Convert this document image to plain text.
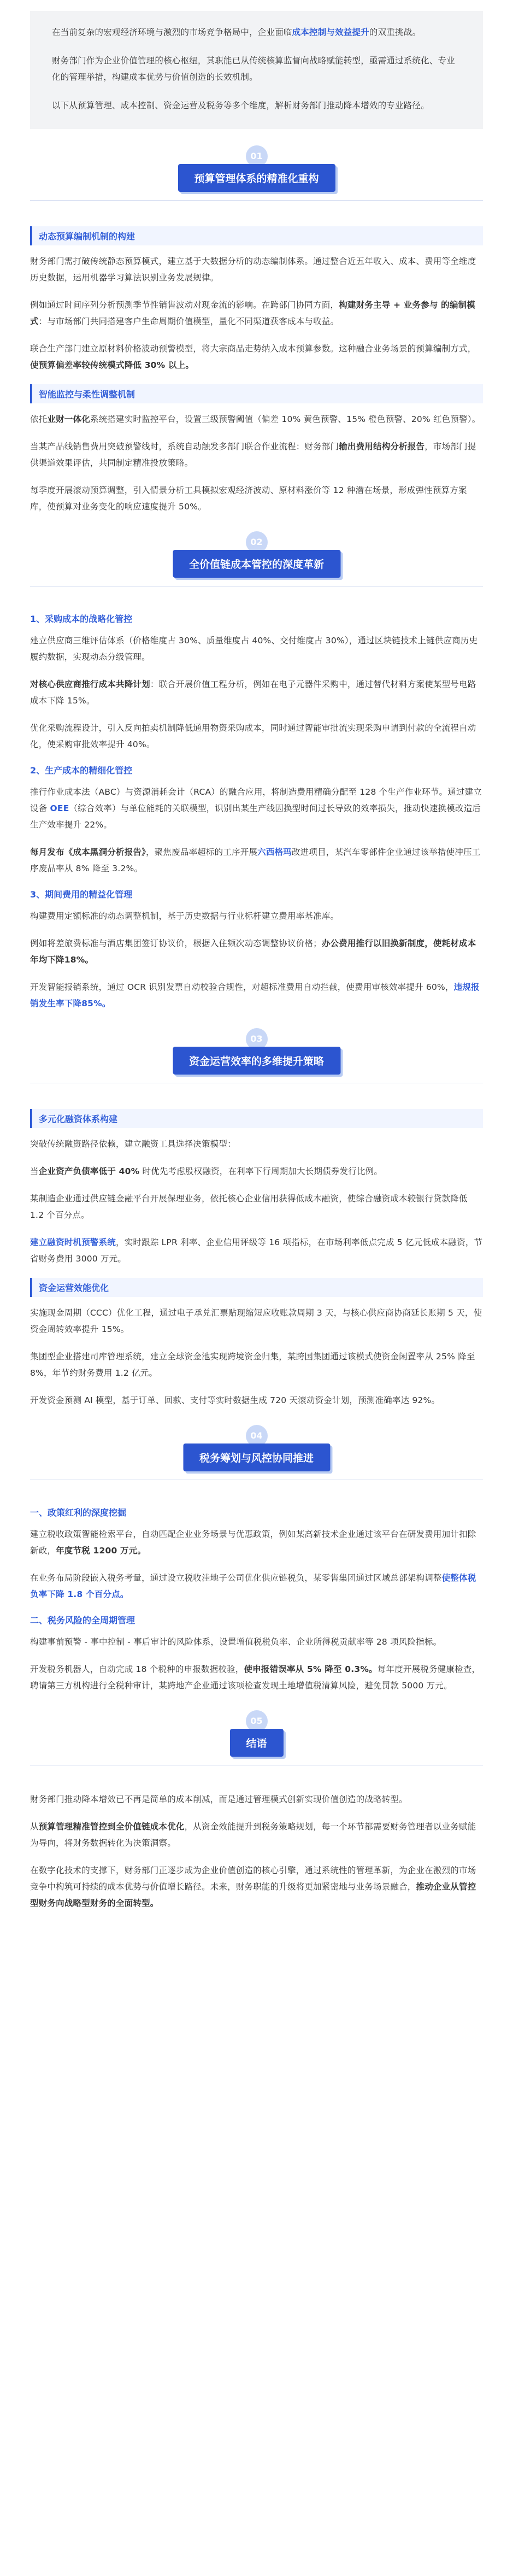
在当前复杂的宏观经济环境与激烈的市场竞争格局中，企业面临成本控制与效益提升的双重挑战。

财务部门作为企业价值管理的核心枢纽，其职能已从传统核算监督向战略赋能转型，亟需通过系统化、专业化的管理举措，构建成本优势与价值创造的长效机制。

以下从预算管理、成本控制、资金运营及税务等多个维度，解析财务部门推动降本增效的专业路径。

01
预算管理体系的精准化重构
动态预算编制机制的构建

财务部门需打破传统静态预算模式，建立基于大数据分析的动态编制体系。通过整合近五年收入、成本、费用等全维度历史数据，运用机器学习算法识别业务发展规律。

例如通过时间序列分析预测季节性销售波动对现金流的影响。在跨部门协同方面，构建财务主导 + 业务参与 的编制模式：与市场部门共同搭建客户生命周期价值模型，量化不同渠道获客成本与收益。

联合生产部门建立原材料价格波动预警模型，将大宗商品走势纳入成本预算参数。这种融合业务场景的预算编制方式，使预算偏差率较传统模式降低 30% 以上。

智能监控与柔性调整机制

依托业财一体化系统搭建实时监控平台，设置三级预警阈值（偏差 10% 黄色预警、15% 橙色预警、20% 红色预警）。

当某产品线销售费用突破预警线时，系统自动触发多部门联合作业流程：财务部门输出费用结构分析报告，市场部门提供渠道效果评估，共同制定精准投放策略。

每季度开展滚动预算调整，引入情景分析工具模拟宏观经济波动、原材料涨价等 12 种潜在场景，形成弹性预算方案库，使预算对业务变化的响应速度提升 50%。

02
全价值链成本管控的深度革新
1、采购成本的战略化管控

建立供应商三维评估体系（价格维度占 30%、质量维度占 40%、交付维度占 30%），通过区块链技术上链供应商历史履约数据，实现动态分级管理。

对核心供应商推行成本共降计划：联合开展价值工程分析，例如在电子元器件采购中，通过替代材料方案使某型号电路成本下降 15%。

优化采购流程设计，引入反向拍卖机制降低通用物资采购成本，同时通过智能审批流实现采购申请到付款的全流程自动化，使采购审批效率提升 40%。

2、生产成本的精细化管控

推行作业成本法（ABC）与资源消耗会计（RCA）的融合应用，将制造费用精确分配至 128 个生产作业环节。通过建立设备 OEE（综合效率）与单位能耗的关联模型，识别出某生产线因换型时间过长导致的效率损失，推动快速换模改造后生产效率提升 22%。

每月发布《成本黑洞分析报告》，聚焦废品率超标的工序开展六西格玛改进项目，某汽车零部件企业通过该举措使冲压工序废品率从 8% 降至 3.2%。

3、期间费用的精益化管理

构建费用定额标准的动态调整机制，基于历史数据与行业标杆建立费用率基准库。

例如将差旅费标准与酒店集团签订协议价，根据入住频次动态调整协议价格；办公费用推行以旧换新制度，使耗材成本年均下降18%。

开发智能报销系统，通过 OCR 识别发票自动校验合规性，对超标准费用自动拦截，使费用审核效率提升 60%，违规报销发生率下降85%。

03
资金运营效率的多维提升策略
多元化融资体系构建

突破传统融资路径依赖，建立融资工具选择决策模型：

当企业资产负债率低于 40% 时优先考虑股权融资，在利率下行周期加大长期债券发行比例。

某制造企业通过供应链金融平台开展保理业务，依托核心企业信用获得低成本融资，使综合融资成本较银行贷款降低 1.2 个百分点。

建立融资时机预警系统，实时跟踪 LPR 利率、企业信用评级等 16 项指标，在市场利率低点完成 5 亿元低成本融资，节省财务费用 3000 万元。

资金运营效能优化

实施现金周期（CCC）优化工程，通过电子承兑汇票贴现缩短应收账款周期 3 天，与核心供应商协商延长账期 5 天，使资金周转效率提升 15%。

集团型企业搭建司库管理系统，建立全球资金池实现跨境资金归集，某跨国集团通过该模式使资金闲置率从 25% 降至 8%，年节约财务费用 1.2 亿元。

开发资金预测 AI 模型，基于订单、回款、支付等实时数据生成 720 天滚动资金计划，预测准确率达 92%。

04
税务筹划与风控协同推进
一、政策红利的深度挖掘

建立税收政策智能检索平台，自动匹配企业业务场景与优惠政策，例如某高新技术企业通过该平台在研发费用加计扣除新政，年度节税 1200 万元。

在业务布局阶段嵌入税务考量，通过设立税收洼地子公司优化供应链税负，某零售集团通过区域总部架构调整使整体税负率下降 1.8 个百分点。

二、税务风险的全周期管理

构建事前预警 - 事中控制 - 事后审计的风险体系，设置增值税税负率、企业所得税贡献率等 28 项风险指标。

开发税务机器人，自动完成 18 个税种的申报数据校验，使申报错误率从 5% 降至 0.3%。每年度开展税务健康检查，聘请第三方机构进行全税种审计，某跨地产企业通过该项检查发现土地增值税清算风险，避免罚款 5000 万元。

05
结语

财务部门推动降本增效已不再是简单的成本削减，而是通过管理模式创新实现价值创造的战略转型。

从预算管理精准管控到全价值链成本优化，从资金效能提升到税务策略规划，每一个环节都需要财务管理者以业务赋能为导向，将财务数据转化为决策洞察。

在数字化技术的支撑下，财务部门正逐步成为企业价值创造的核心引擎，通过系统性的管理革新，为企业在激烈的市场竞争中构筑可持续的成本优势与价值增长路径。未来，财务职能的升级将更加紧密地与业务场景融合，推动企业从管控型财务向战略型财务的全面转型。
